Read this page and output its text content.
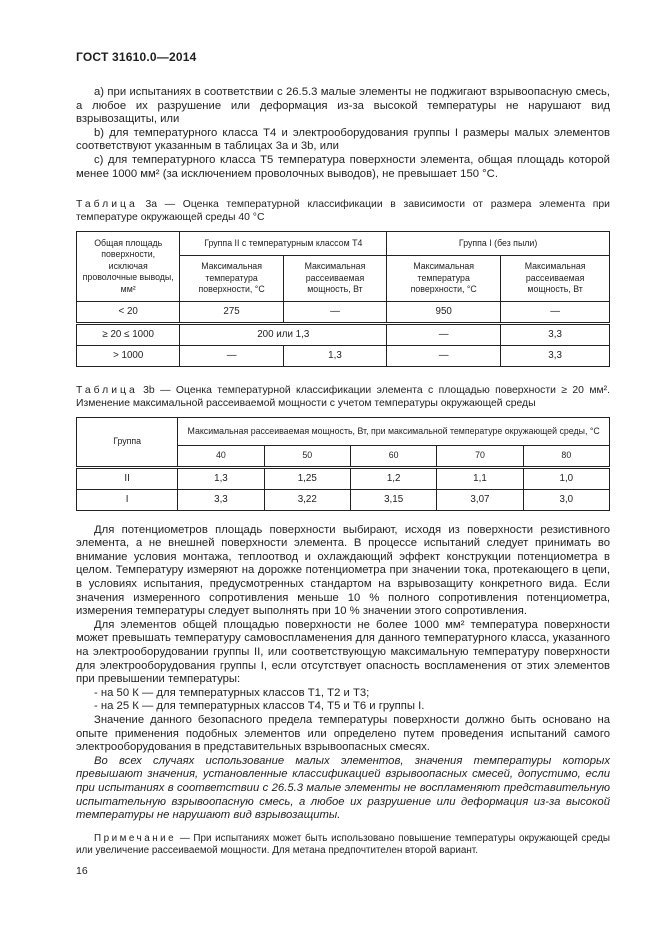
ГОСТ 31610.0—2014

a) при испытаниях в соответствии с 26.5.3 малые элементы не поджигают взрывоопасную смесь, а любое их разрушение или деформация из-за высокой температуры не нарушают вид взрывозащиты, или

b) для температурного класса Т4 и электрооборудования группы I размеры малых элементов соответствуют указанным в таблицах 3а и 3b, или

c) для температурного класса Т5 температура поверхности элемента, общая площадь которой менее 1000 мм² (за исключением проволочных выводов), не превышает 150 °С.

Таблица 3а — Оценка температурной классификации в зависимости от размера элемента при температуре окружающей среды 40 °С

Общая площадь поверхности, исключая проволочные выводы, мм²	Группа II с температурным классом Т4		Группа I (без пыли)	
	Максимальная температура поверхности, °С	Максимальная рассеиваемая мощность, Вт	Максимальная температура поверхности, °С	Максимальная рассеиваемая мощность, Вт
< 20	275	—	950	—
≥ 20 ≤ 1000	200 или 1,3		—	3,3
> 1000	—	1,3	—	3,3

Таблица 3b — Оценка температурной классификации элемента с площадью поверхности ≥ 20 мм². Изменение максимальной рассеиваемой мощности с учетом температуры окружающей среды

Группа	Максимальная рассеиваемая мощность, Вт, при максимальной температуре окружающей среды, °С				
	40	50	60	70	80
II	1,3	1,25	1,2	1,1	1,0
I	3,3	3,22	3,15	3,07	3,0

Для потенциометров площадь поверхности выбирают, исходя из поверхности резистивного элемента, а не внешней поверхности элемента. В процессе испытаний следует принимать во внимание условия монтажа, теплоотвод и охлаждающий эффект конструкции потенциометра в целом. Температуру измеряют на дорожке потенциометра при значении тока, протекающего в цепи, в условиях испытания, предусмотренных стандартом на взрывозащиту конкретного вида. Если значения измеренного сопротивления меньше 10 % полного сопротивления потенциометра, измерения температуры следует выполнять при 10 % значении этого сопротивления.

Для элементов общей площадью поверхности не более 1000 мм² температура поверхности может превышать температуру самовоспламенения для данного температурного класса, указанного на электрооборудовании группы II, или соответствующую максимальную температуру поверхности для электрооборудования группы I, если отсутствует опасность воспламенения от этих элементов при превышении температуры:

- на 50 К — для температурных классов Т1, Т2 и Т3;

- на 25 К — для температурных классов Т4, Т5 и Т6 и группы I.

Значение данного безопасного предела температуры поверхности должно быть основано на опыте применения подобных элементов или определено путем проведения испытаний самого электрооборудования в представительных взрывоопасных смесях.

Во всех случаях использование малых элементов, значения температуры которых превышают значения, установленные классификацией взрывоопасных смесей, допустимо, если при испытаниях в соответствии с 26.5.3 малые элементы не воспламеняют представительную испытательную взрывоопасную смесь, а любое их разрушение или деформация из-за высокой температуры не нарушают вид взрывозащиты.

Примечание — При испытаниях может быть использовано повышение температуры окружающей среды или увеличение рассеиваемой мощности. Для метана предпочтителен второй вариант.

16
